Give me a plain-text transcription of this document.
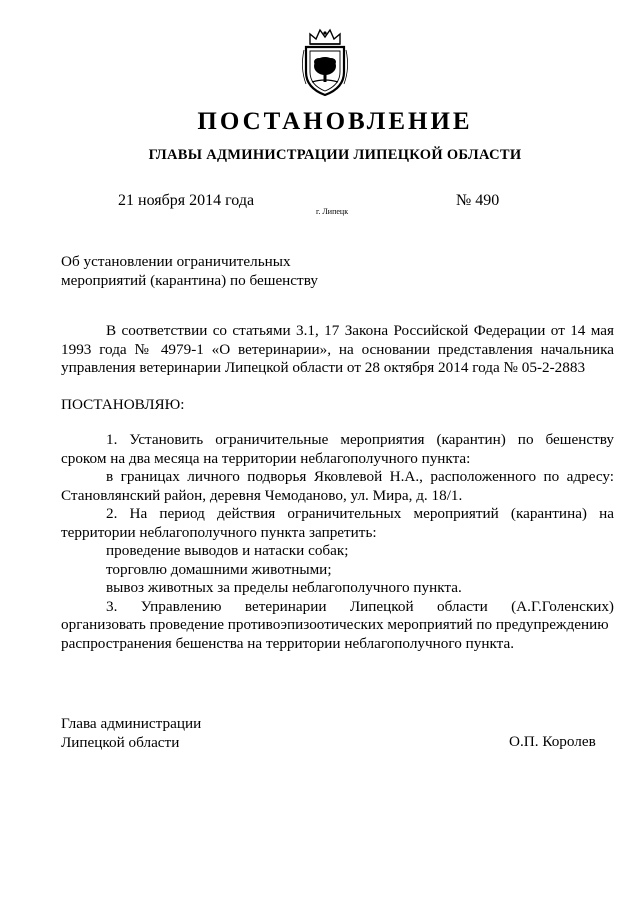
ПОСТАНОВЛЕНИЕ
ГЛАВЫ АДМИНИСТРАЦИИ ЛИПЕЦКОЙ ОБЛАСТИ
21 ноября 2014 года
г. Липецк
№ 490
Об установлении ограничительных
мероприятий (карантина) по бешенству
В соответствии со статьями 3.1, 17 Закона Российской Федерации от 14 мая
1993 года № 4979-1 «О ветеринарии», на основании представления начальника
управления ветеринарии Липецкой области от 28 октября 2014 года № 05-2-2883
ПОСТАНОВЛЯЮ:
1. Установить ограничительные мероприятия (карантин) по бешенству
сроком на два месяца на территории неблагополучного пункта:
в границах личного подворья Яковлевой Н.А., расположенного по адресу:
Становлянский район, деревня Чемоданово, ул. Мира, д. 18/1.
2. На период действия ограничительных мероприятий (карантина) на
территории неблагополучного пункта запретить:
проведение выводов и натаски собак;
торговлю домашними животными;
вывоз животных за пределы неблагополучного пункта.
3. Управлению ветеринарии Липецкой области (А.Г.Голенских)
организовать проведение противоэпизоотических мероприятий по предупреждению
распространения бешенства на территории неблагополучного пункта.
Глава администрации
Липецкой области	О.П. Королев
